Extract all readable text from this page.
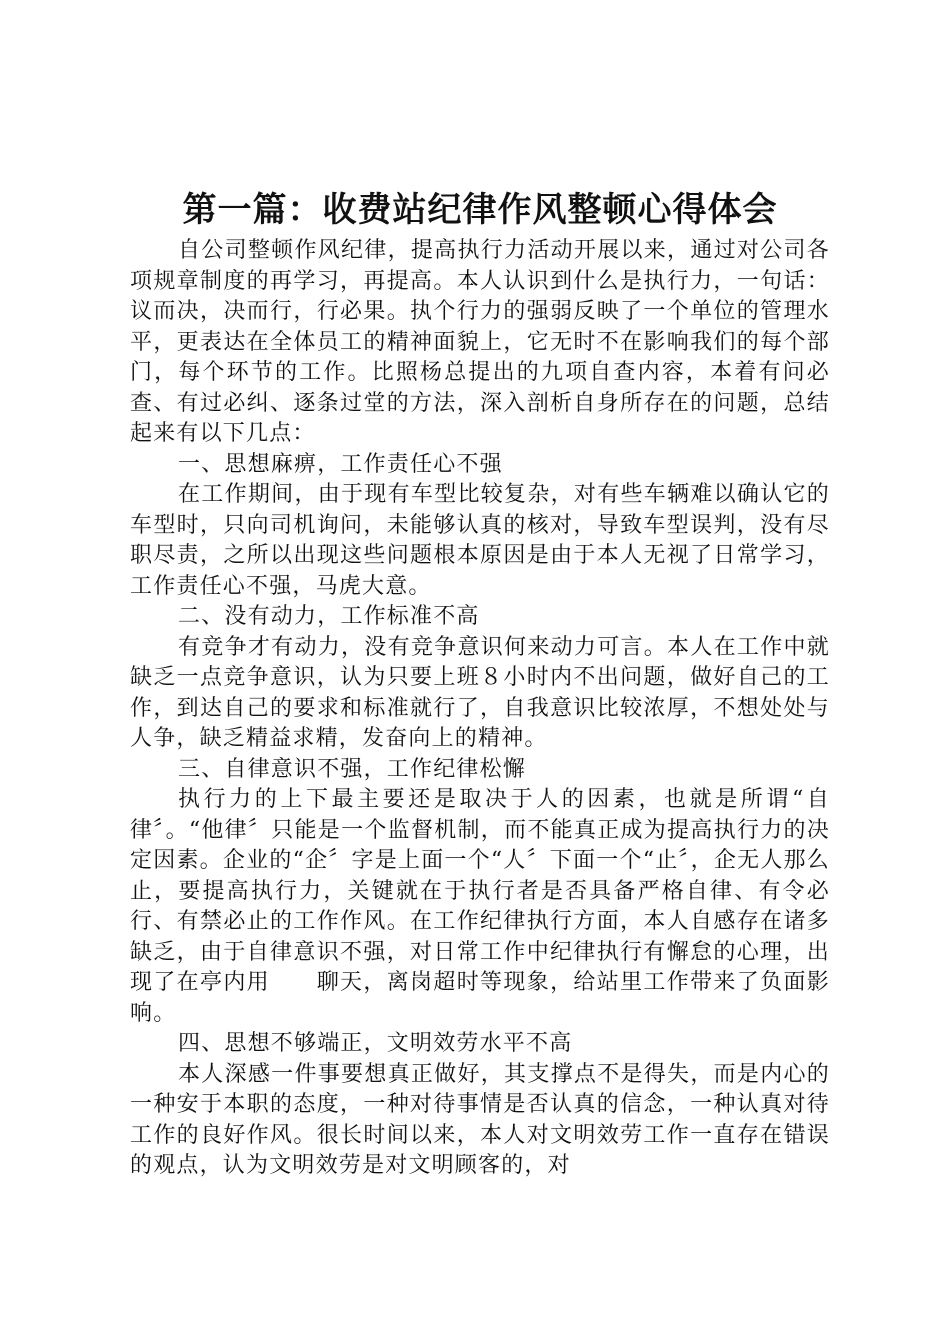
第一篇：收费站纪律作风整顿心得体会

自公司整顿作风纪律，提高执行力活动开展以来，通过对公司各项规章制度的再学习，再提高。本人认识到什么是执行力，一句话：议而决，决而行，行必果。执个行力的强弱反映了一个单位的管理水平，更表达在全体员工的精神面貌上，它无时不在影响我们的每个部门，每个环节的工作。比照杨总提出的九项自查内容，本着有问必查、有过必纠、逐条过堂的方法，深入剖析自身所存在的问题，总结起来有以下几点：

一、思想麻痹，工作责任心不强

在工作期间，由于现有车型比较复杂，对有些车辆难以确认它的车型时，只向司机询问，未能够认真的核对，导致车型误判，没有尽职尽责，之所以出现这些问题根本原因是由于本人无视了日常学习，工作责任心不强，马虎大意。

二、没有动力，工作标准不高

有竞争才有动力，没有竞争意识何来动力可言。本人在工作中就缺乏一点竞争意识，认为只要上班８小时内不出问题，做好自己的工作，到达自己的要求和标准就行了，自我意识比较浓厚，不想处处与人争，缺乏精益求精，发奋向上的精神。

三、自律意识不强，工作纪律松懈

执行力的上下最主要还是取决于人的因素，也就是所谓“自律〞。“他律〞只能是一个监督机制，而不能真正成为提高执行力的决定因素。企业的“企〞字是上面一个“人〞下面一个“止〞，企无人那么止，要提高执行力，关键就在于执行者是否具备严格自律、有令必行、有禁必止的工作作风。在工作纪律执行方面，本人自感存在诸多缺乏，由于自律意识不强，对日常工作中纪律执行有懈怠的心理，出现了在亭内用　　聊天，离岗超时等现象，给站里工作带来了负面影响。

四、思想不够端正，文明效劳水平不高

本人深感一件事要想真正做好，其支撑点不是得失，而是内心的一种安于本职的态度，一种对待事情是否认真的信念，一种认真对待工作的良好作风。很长时间以来，本人对文明效劳工作一直存在错误的观点，认为文明效劳是对文明顾客的，对
